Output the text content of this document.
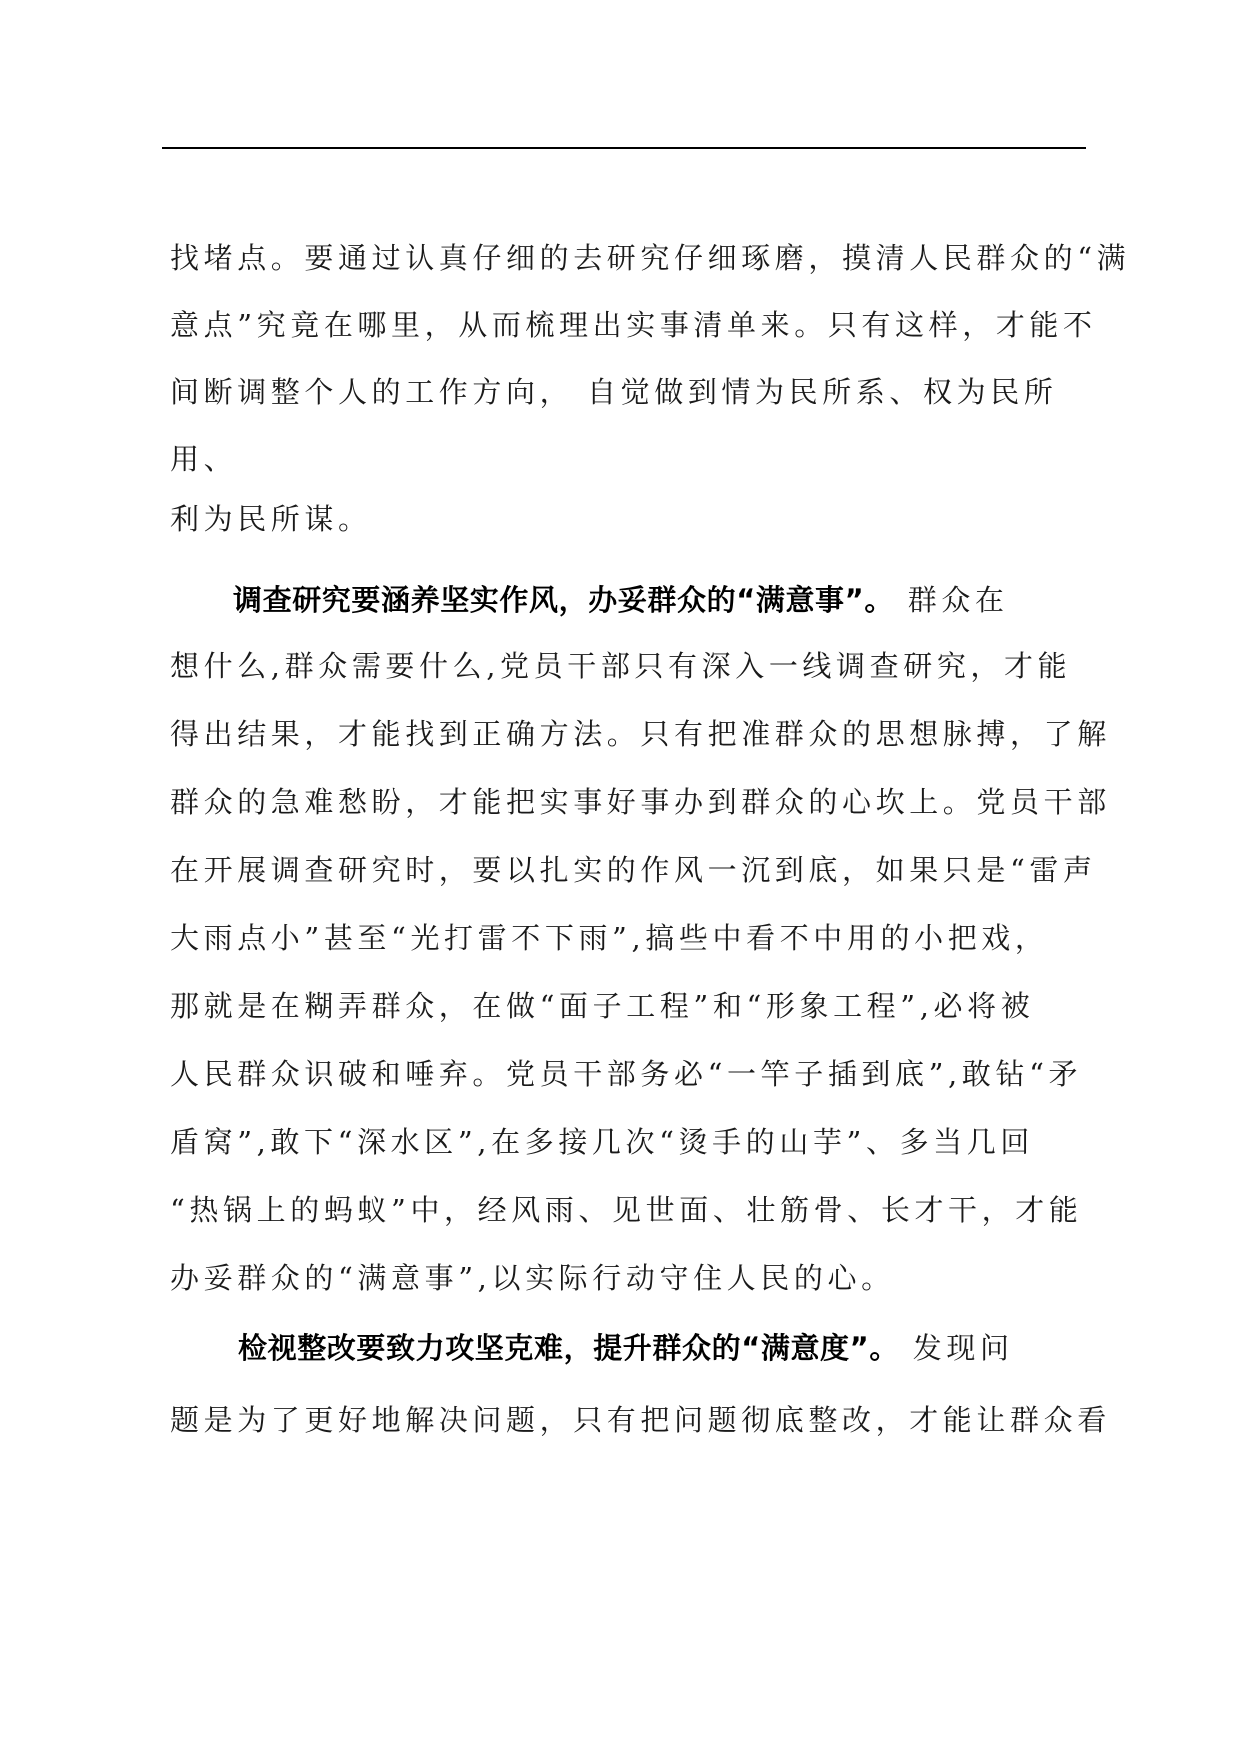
找堵点。要通过认真仔细的去研究仔细琢磨，摸清人民群众的“满
意点”究竟在哪里，从而梳理出实事清单来。只有这样，才能不
间断调整个人的工作方向， 自觉做到情为民所系、权为民所
用、
利为民所谋。
调查研究要涵养坚实作风，办妥群众的“满意事”。 群众在
想什么,群众需要什么,党员干部只有深入一线调查研究，才能
得出结果，才能找到正确方法。只有把准群众的思想脉搏，了解
群众的急难愁盼，才能把实事好事办到群众的心坎上。党员干部
在开展调查研究时，要以扎实的作风一沉到底，如果只是“雷声
大雨点小”甚至“光打雷不下雨”,搞些中看不中用的小把戏，
那就是在糊弄群众，在做“面子工程”和“形象工程”,必将被
人民群众识破和唾弃。党员干部务必“一竿子插到底”,敢钻“矛
盾窝”,敢下“深水区”,在多接几次“烫手的山芋”、多当几回
“热锅上的蚂蚁”中，经风雨、见世面、壮筋骨、长才干，才能
办妥群众的“满意事”,以实际行动守住人民的心。
检视整改要致力攻坚克难，提升群众的“满意度”。 发现问
题是为了更好地解决问题，只有把问题彻底整改，才能让群众看
